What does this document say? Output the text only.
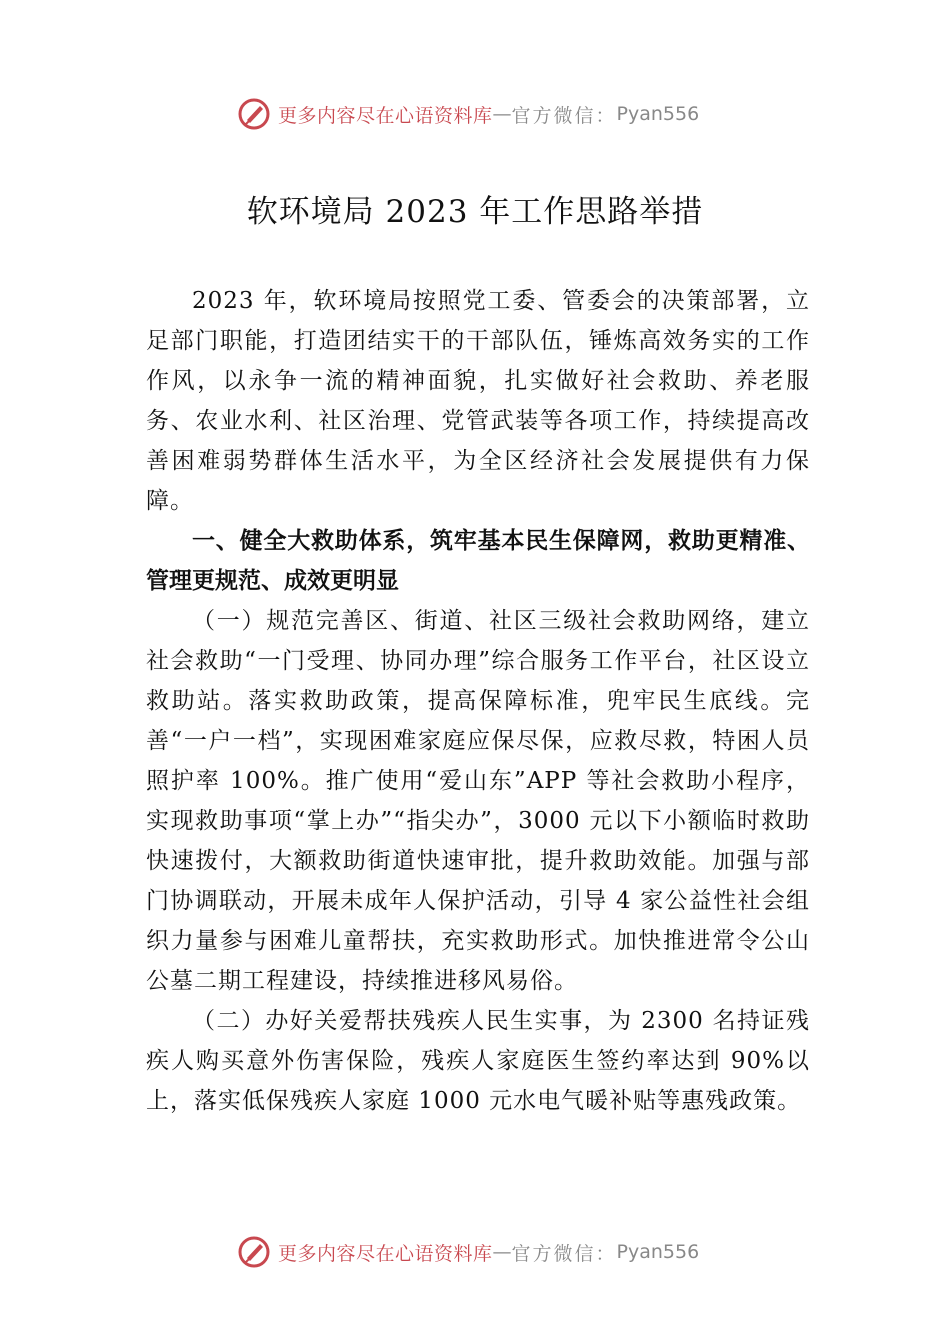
更多内容尽在心语资料库 — 官方微信： Pyan556
软环境局 2023 年工作思路举措

2023 年，软环境局按照党工委、管委会的决策部署，立足部门职能，打造团结实干的干部队伍，锤炼高效务实的工作作风，以永争一流的精神面貌，扎实做好社会救助、养老服务、农业水利、社区治理、党管武装等各项工作，持续提高改善困难弱势群体生活水平，为全区经济社会发展提供有力保障。

一、健全大救助体系，筑牢基本民生保障网，救助更精准、管理更规范、成效更明显

（一）规范完善区、街道、社区三级社会救助网络，建立社会救助“一门受理、协同办理”综合服务工作平台，社区设立救助站。落实救助政策，提高保障标准，兜牢民生底线。完善“一户一档”，实现困难家庭应保尽保，应救尽救，特困人员照护率 100%。推广使用“爱山东”APP 等社会救助小程序，实现救助事项“掌上办”“指尖办”，3000 元以下小额临时救助快速拨付，大额救助街道快速审批，提升救助效能。加强与部门协调联动，开展未成年人保护活动，引导 4 家公益性社会组织力量参与困难儿童帮扶，充实救助形式。加快推进常令公山公墓二期工程建设，持续推进移风易俗。

（二）办好关爱帮扶残疾人民生实事，为 2300 名持证残疾人购买意外伤害保险，残疾人家庭医生签约率达到 90%以上，落实低保残疾人家庭 1000 元水电气暖补贴等惠残政策。

更多内容尽在心语资料库 — 官方微信： Pyan556
